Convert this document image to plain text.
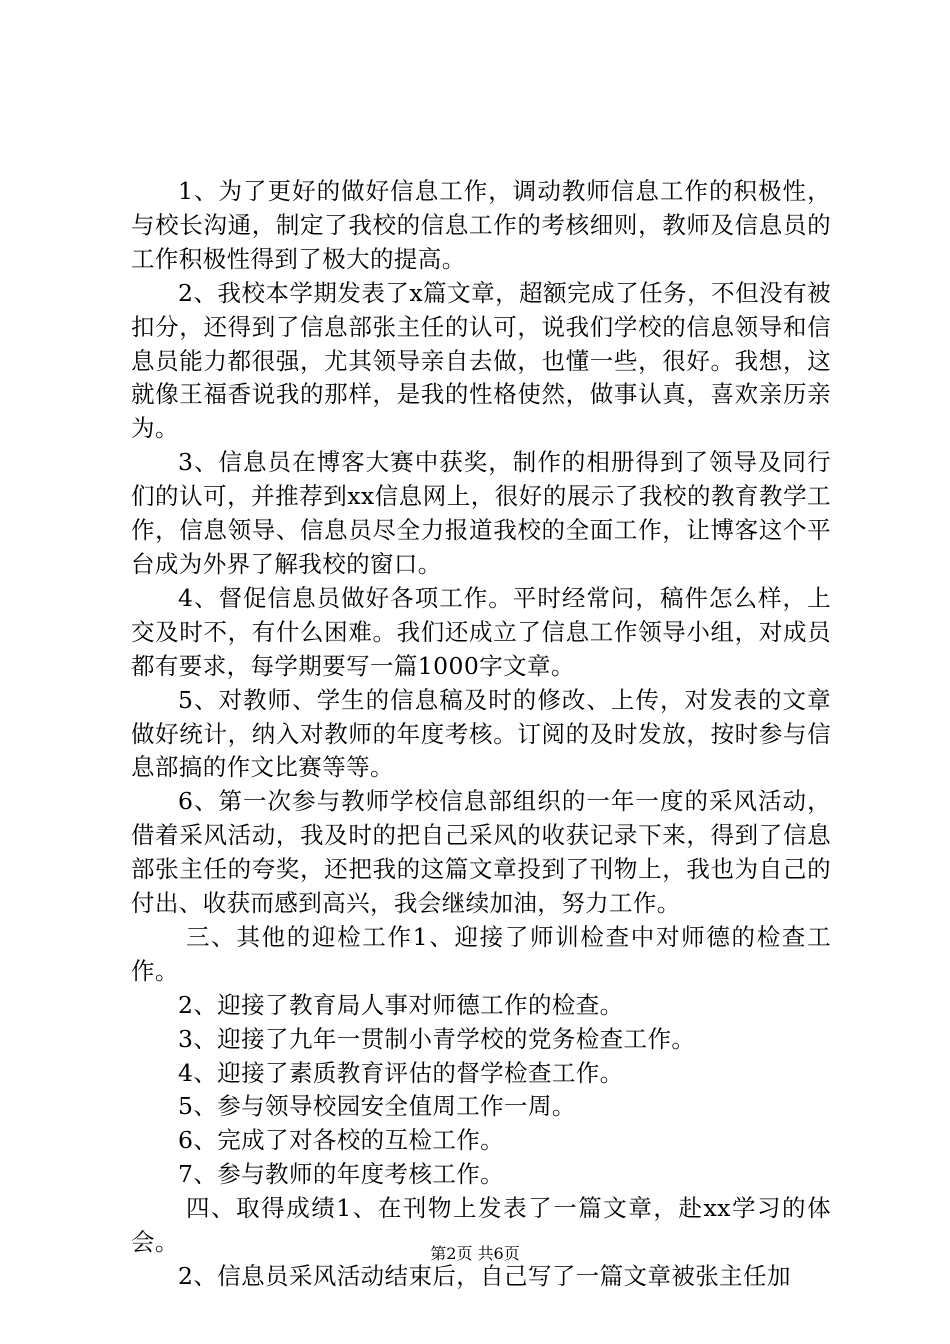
1、为了更好的做好信息工作，调动教师信息工作的积极性，与校长沟通，制定了我校的信息工作的考核细则，教师及信息员的工作积极性得到了极大的提高。

2、我校本学期发表了x篇文章，超额完成了任务，不但没有被扣分，还得到了信息部张主任的认可，说我们学校的信息领导和信息员能力都很强，尤其领导亲自去做，也懂一些，很好。我想，这就像王福香说我的那样，是我的性格使然，做事认真，喜欢亲历亲为。

3、信息员在博客大赛中获奖，制作的相册得到了领导及同行们的认可，并推荐到xx信息网上，很好的展示了我校的教育教学工作，信息领导、信息员尽全力报道我校的全面工作，让博客这个平台成为外界了解我校的窗口。

4、督促信息员做好各项工作。平时经常问，稿件怎么样，上交及时不，有什么困难。我们还成立了信息工作领导小组，对成员都有要求，每学期要写一篇1000字文章。

5、对教师、学生的信息稿及时的修改、上传，对发表的文章做好统计，纳入对教师的年度考核。订阅的及时发放，按时参与信息部搞的作文比赛等等。

6、第一次参与教师学校信息部组织的一年一度的采风活动，借着采风活动，我及时的把自己采风的收获记录下来，得到了信息部张主任的夸奖，还把我的这篇文章投到了刊物上，我也为自己的付出、收获而感到高兴，我会继续加油，努力工作。

三、其他的迎检工作1、迎接了师训检查中对师德的检查工作。

2、迎接了教育局人事对师德工作的检查。

3、迎接了九年一贯制小青学校的党务检查工作。

4、迎接了素质教育评估的督学检查工作。

5、参与领导校园安全值周工作一周。

6、完成了对各校的互检工作。

7、参与教师的年度考核工作。

四、取得成绩1、在刊物上发表了一篇文章，赴xx学习的体会。

2、信息员采风活动结束后，自己写了一篇文章被张主任加

第2页 共6页
